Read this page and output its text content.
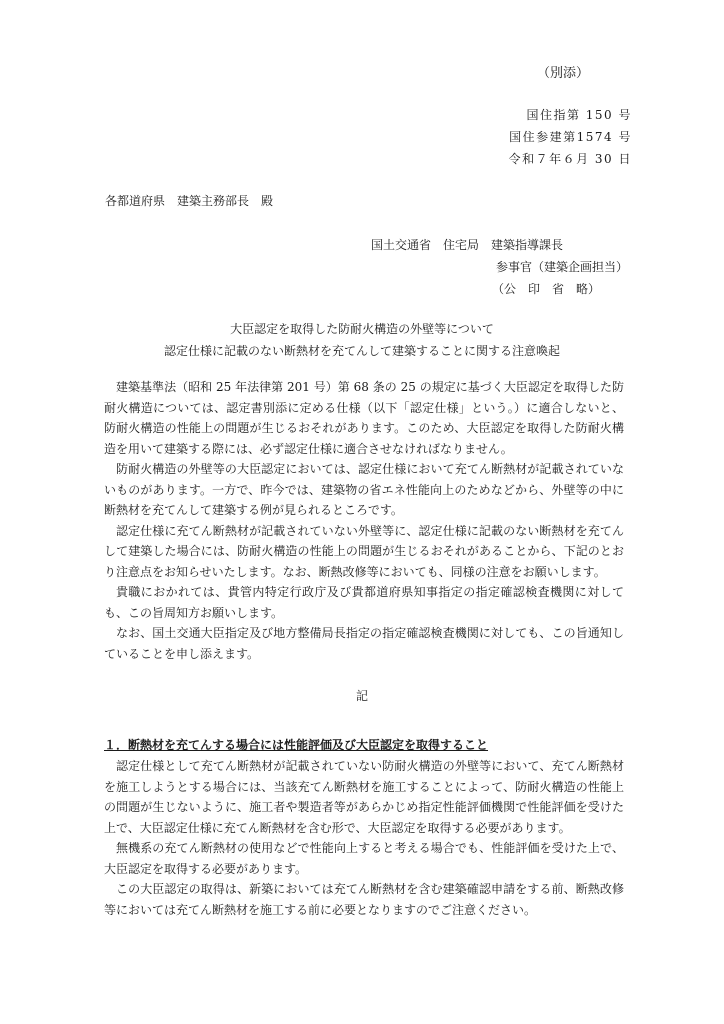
（別添）
国住指第 150 号
国住参建第1574 号
令和７年６月 30 日
各都道府県　建築主務部長　殿
国土交通省　住宅局　建築指導課長
参事官（建築企画担当）
（公　印　省　略）
大臣認定を取得した防耐火構造の外壁等について
認定仕様に記載のない断熱材を充てんして建築することに関する注意喚起

建築基準法（昭和 25 年法律第 201 号）第 68 条の 25 の規定に基づく大臣認定を取得した防耐火構造については、認定書別添に定める仕様（以下「認定仕様」という。）に適合しないと、防耐火構造の性能上の問題が生じるおそれがあります。このため、大臣認定を取得した防耐火構造を用いて建築する際には、必ず認定仕様に適合させなければなりません。

防耐火構造の外壁等の大臣認定においては、認定仕様において充てん断熱材が記載されていないものがあります。一方で、昨今では、建築物の省エネ性能向上のためなどから、外壁等の中に断熱材を充てんして建築する例が見られるところです。

認定仕様に充てん断熱材が記載されていない外壁等に、認定仕様に記載のない断熱材を充てんして建築した場合には、防耐火構造の性能上の問題が生じるおそれがあることから、下記のとおり注意点をお知らせいたします。なお、断熱改修等においても、同様の注意をお願いします。

貴職におかれては、貴管内特定行政庁及び貴都道府県知事指定の指定確認検査機関に対しても、この旨周知方お願いします。

なお、国土交通大臣指定及び地方整備局長指定の指定確認検査機関に対しても、この旨通知していることを申し添えます。

記
１．断熱材を充てんする場合には性能評価及び大臣認定を取得すること

認定仕様として充てん断熱材が記載されていない防耐火構造の外壁等において、充てん断熱材を施工しようとする場合には、当該充てん断熱材を施工することによって、防耐火構造の性能上の問題が生じないように、施工者や製造者等があらかじめ指定性能評価機関で性能評価を受けた上で、大臣認定仕様に充てん断熱材を含む形で、大臣認定を取得する必要があります。

無機系の充てん断熱材の使用などで性能向上すると考える場合でも、性能評価を受けた上で、大臣認定を取得する必要があります。

この大臣認定の取得は、新築においては充てん断熱材を含む建築確認申請をする前、断熱改修等においては充てん断熱材を施工する前に必要となりますのでご注意ください。
